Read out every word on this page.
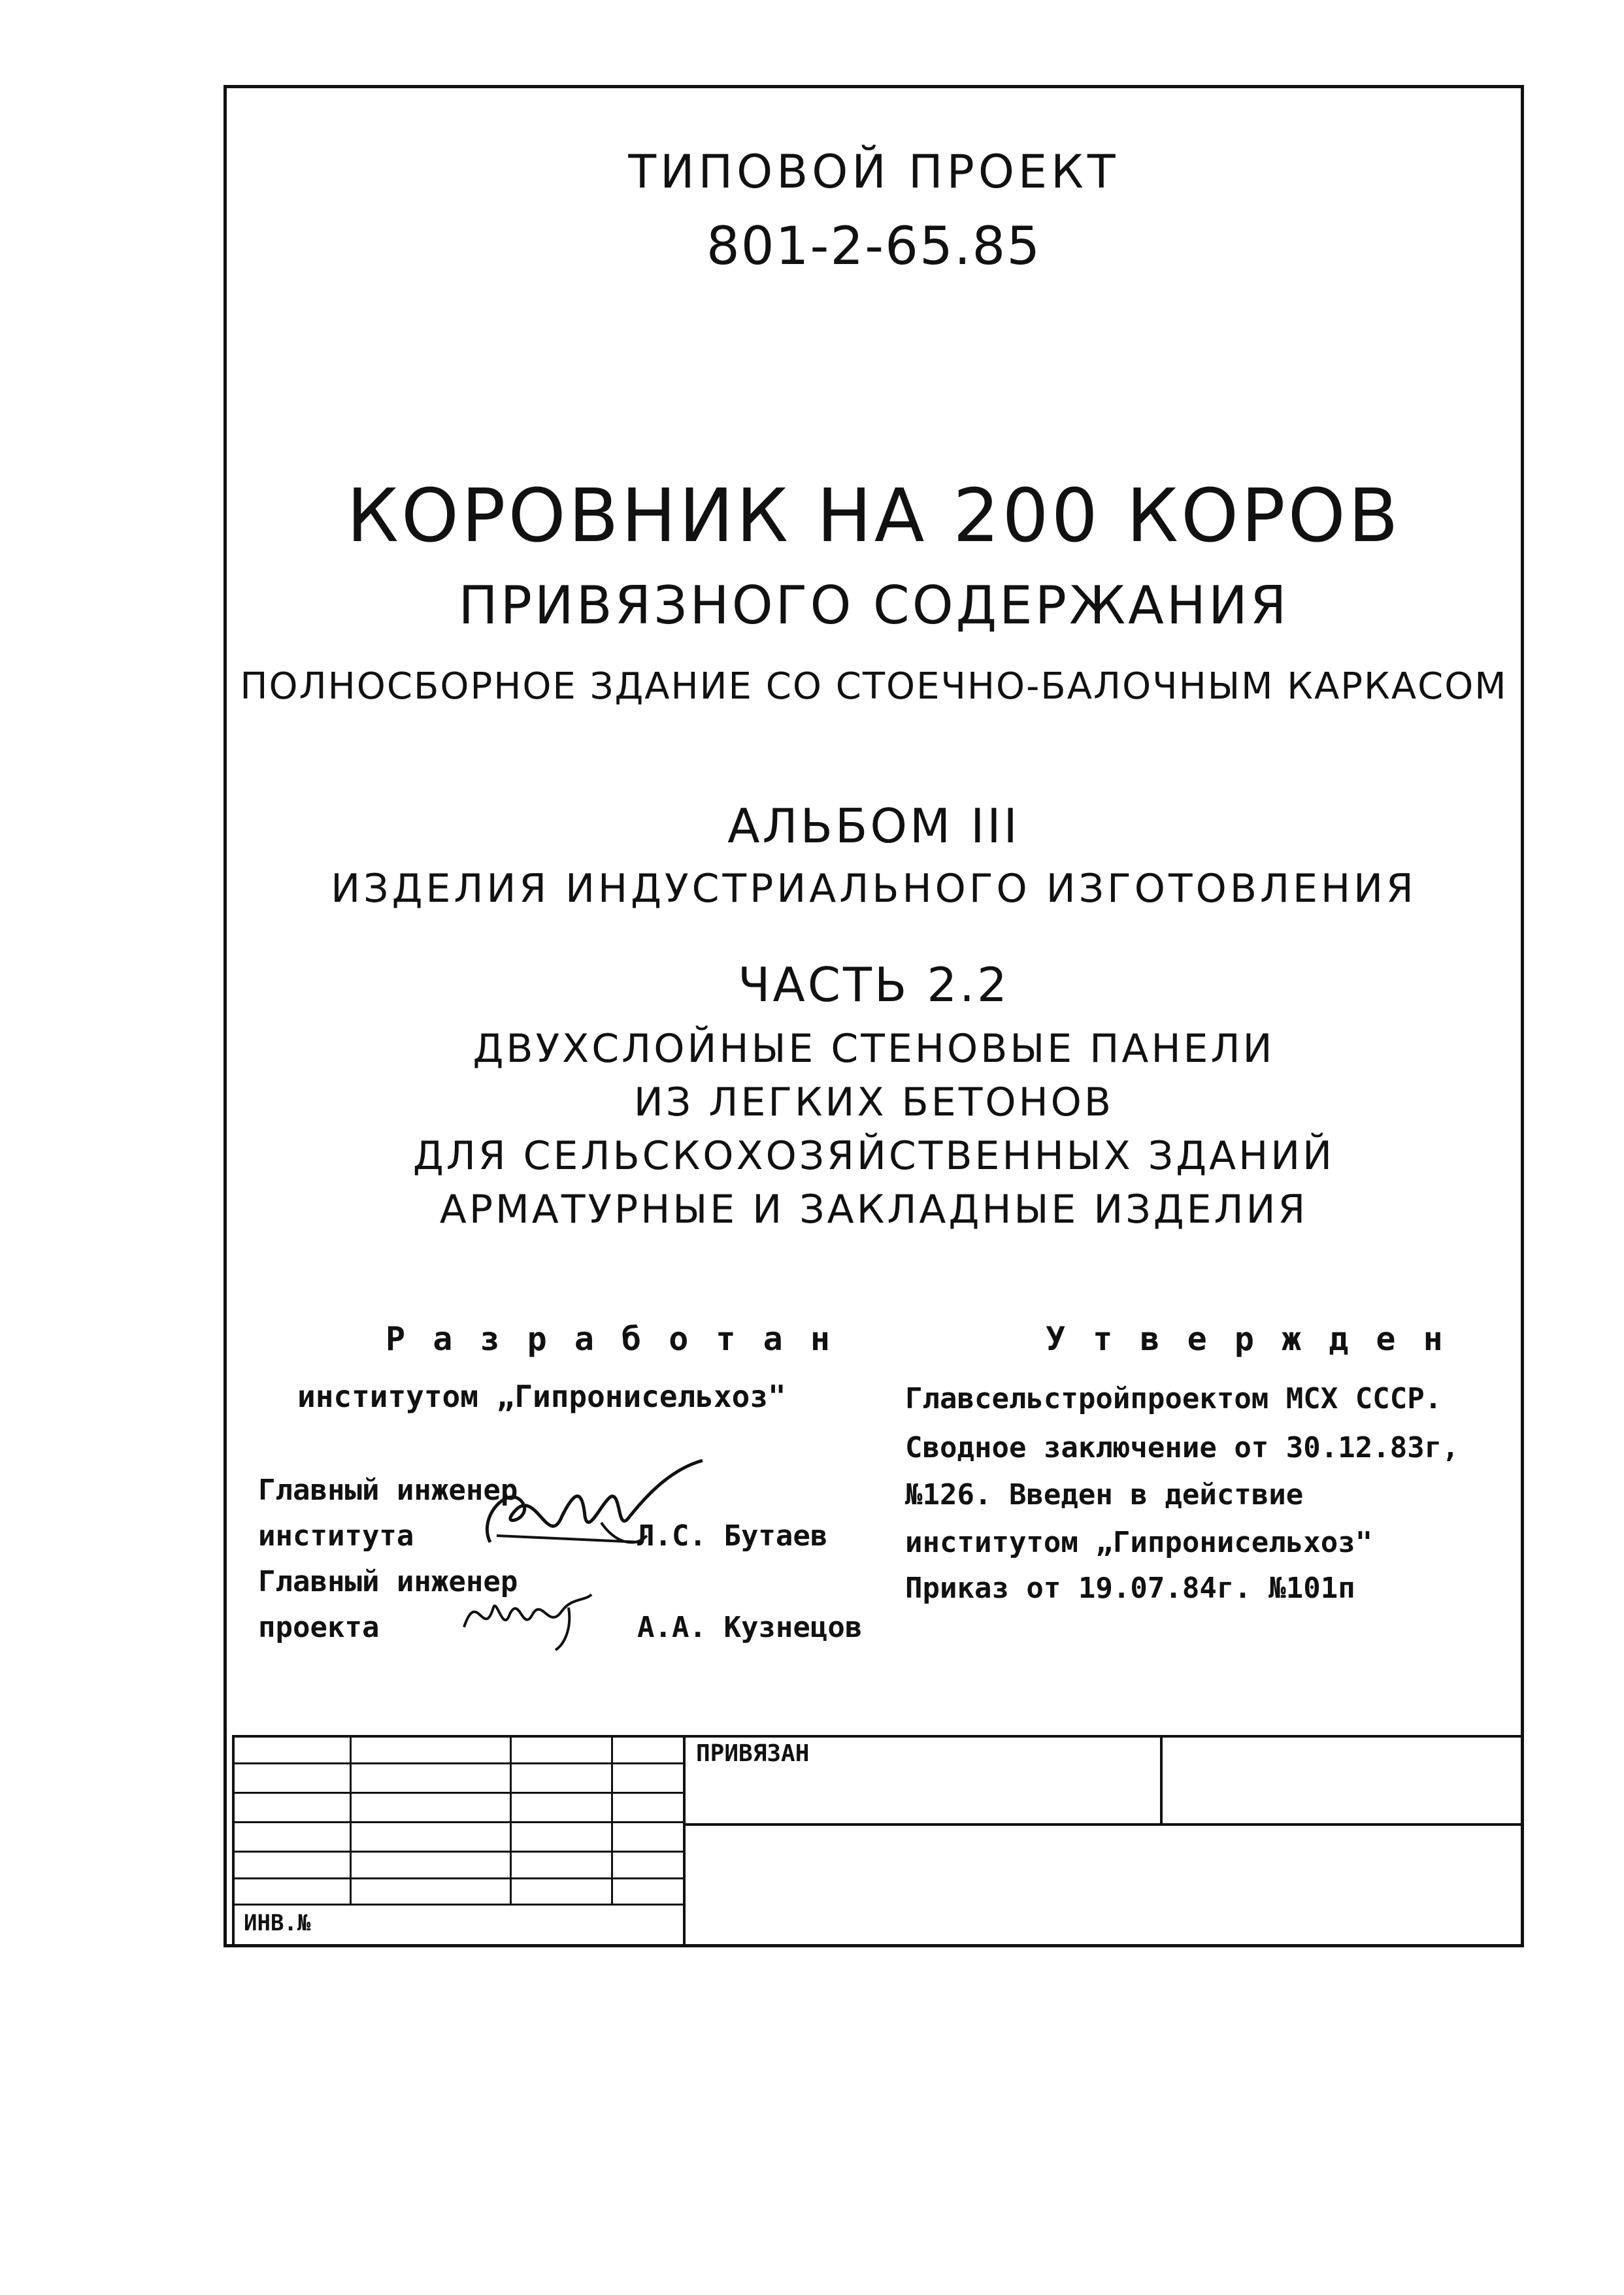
ТИПОВОЙ ПРОЕКТ
801-2-65.85
КОРОВНИК НА 200 КОРОВ
ПРИВЯЗНОГО СОДЕРЖАНИЯ
ПОЛНОСБОРНОЕ ЗДАНИЕ СО СТОЕЧНО-БАЛОЧНЫМ КАРКАСОМ
АЛЬБОМ III
ИЗДЕЛИЯ ИНДУСТРИАЛЬНОГО ИЗГОТОВЛЕНИЯ
ЧАСТЬ 2.2
ДВУХСЛОЙНЫЕ СТЕНОВЫЕ ПАНЕЛИ
ИЗ ЛЕГКИХ БЕТОНОВ
ДЛЯ СЕЛЬСКОХОЗЯЙСТВЕННЫХ ЗДАНИЙ
АРМАТУРНЫЕ И ЗАКЛАДНЫЕ ИЗДЕЛИЯ
Р а з р а б о т а н
институтом „Гипронисельхоз"
Главный инженер
института	Л.С. Бутаев
Главный инженер
проекта	А.А. Кузнецов
У т в е р ж д е н
Главсельстройпроектом МСХ СССР.
Сводное заключение от 30.12.83г,
№126. Введен в действие
институтом „Гипронисельхоз"
Приказ от 19.07.84г. №101п
ИНВ.№
ПРИВЯЗАН
